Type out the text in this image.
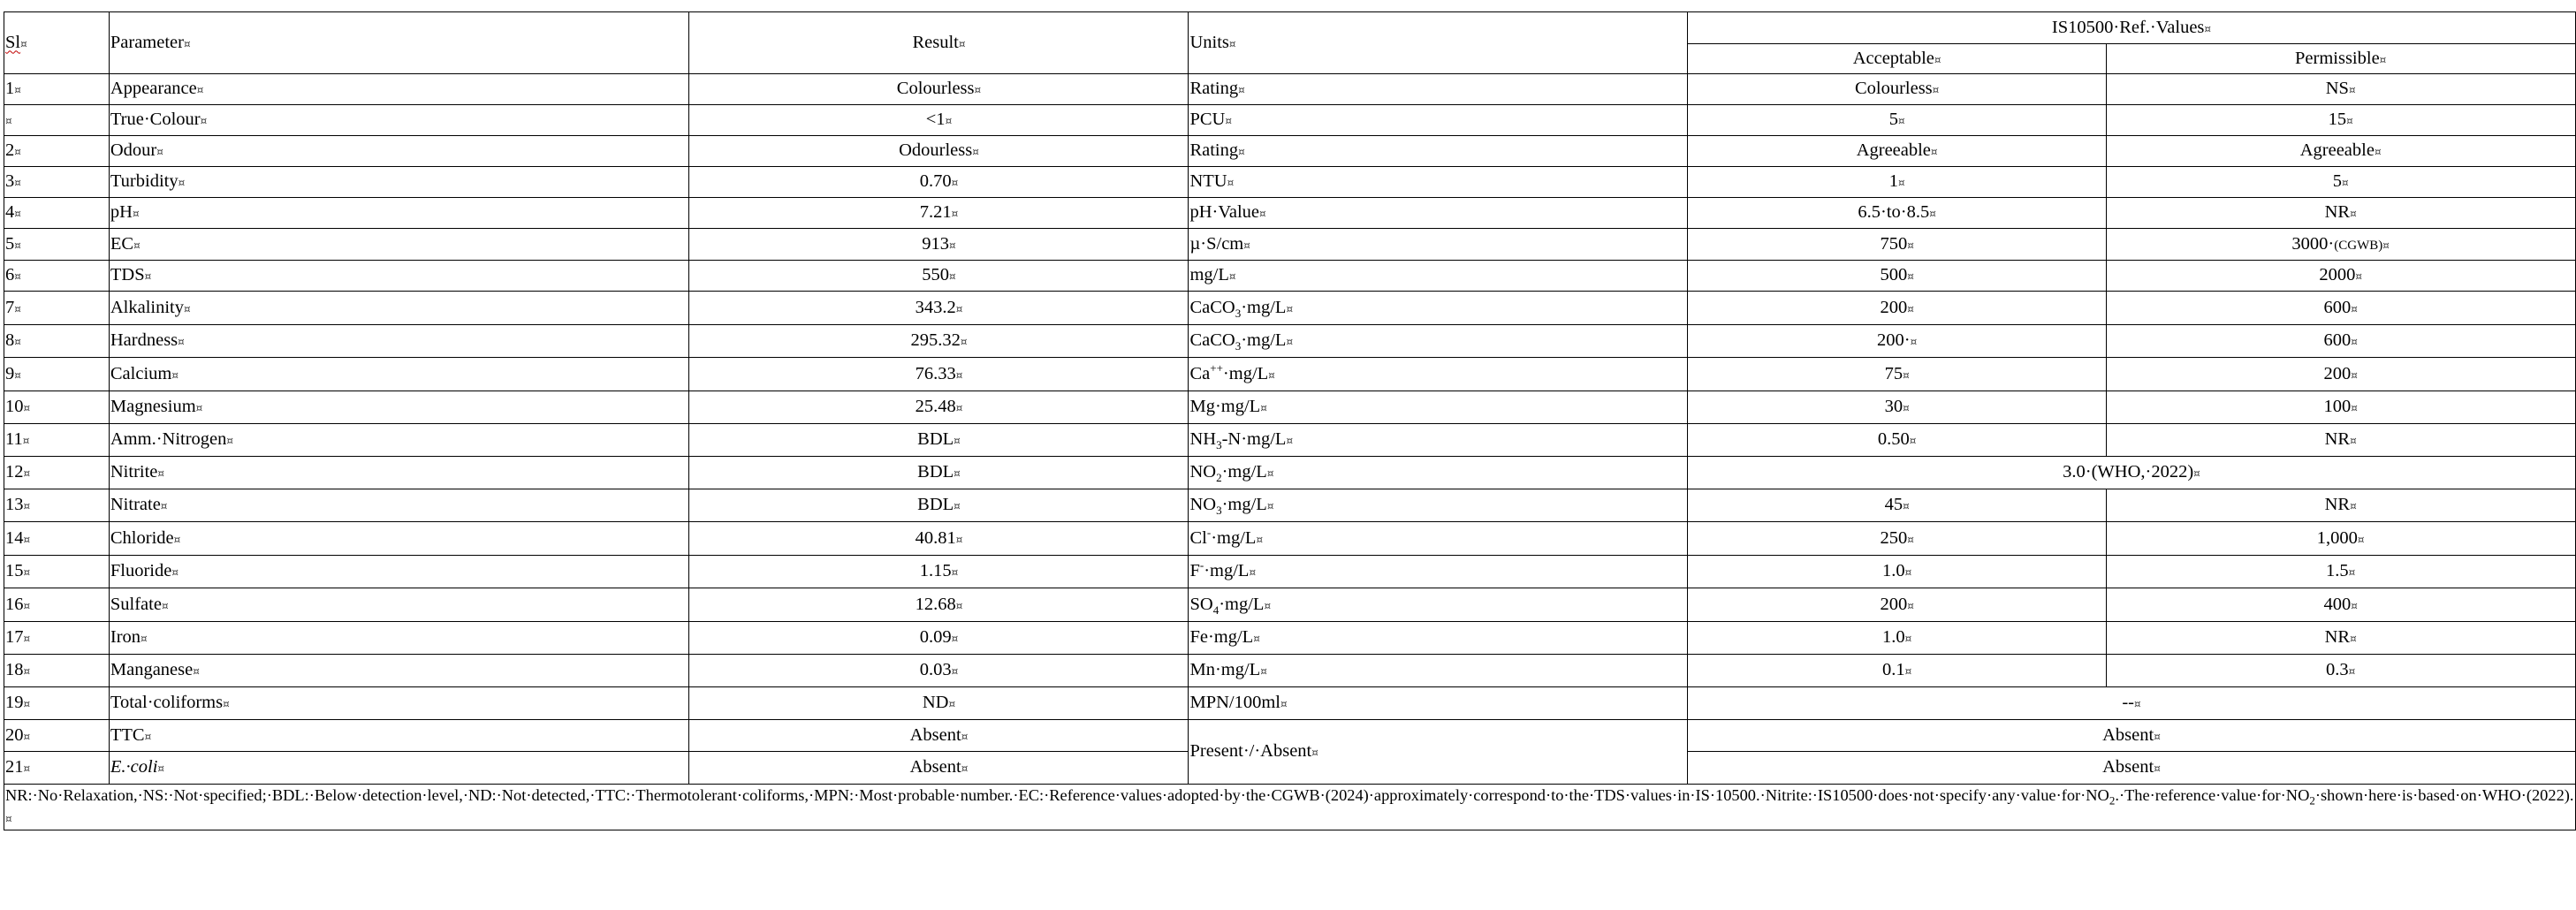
Sl¤	Parameter¤	Result¤	Units¤	IS10500·Ref.·Values¤	
				Acceptable¤	Permissible¤
1¤	Appearance¤	Colourless¤	Rating¤	Colourless¤	NS¤
¤	True·Colour¤	<1¤	PCU¤	5¤	15¤
2¤	Odour¤	Odourless¤	Rating¤	Agreeable¤	Agreeable¤
3¤	Turbidity¤	0.70¤	NTU¤	1¤	5¤
4¤	pH¤	7.21¤	pH·Value¤	6.5·to·8.5¤	NR¤
5¤	EC¤	913¤	µ·S/cm¤	750¤	3000·(CGWB)¤
6¤	TDS¤	550¤	mg/L¤	500¤	2000¤
7¤	Alkalinity¤	343.2¤	CaCO$_3$·mg/L¤	200¤	600¤
8¤	Hardness¤	295.32¤	CaCO$_3$·mg/L¤	200·¤	600¤
9¤	Calcium¤	76.33¤	Ca++·mg/L¤	75¤	200¤
10¤	Magnesium¤	25.48¤	Mg·mg/L¤	30¤	100¤
11¤	Amm.·Nitrogen¤	BDL¤	$NH_3-N\cdot mg/L¤$	0.50¤	NR¤
12¤	Nitrite¤	BDL¤	$NO_2\cdot mg/L¤$	3.0·(WHO,·2022)¤	
13¤	Nitrate¤	BDL¤	$NO_3\cdot mg/L¤$	45¤	NR¤
14¤	Chloride¤	40.81¤	Cl-·mg/L¤	250¤	1,000¤
15¤	Fluoride¤	1.15¤	F-·mg/L¤	1.0¤	1.5¤
16¤	Sulfate¤	12.68¤	$SO_4\cdot mg/L¤$	200¤	400¤
17¤	Iron¤	0.09¤	Fe·mg/L¤	1.0¤	NR¤
18¤	Manganese¤	0.03¤	Mn·mg/L¤	0.1¤	0.3¤
19¤	Total·coliforms¤	ND¤	MPN/100ml¤	--¤	
20¤	TTC¤	Absent¤	Present·/·Absent¤	Absent¤	
21¤	E.·coli¤	Absent¤		Absent¤	
NR:·No·Relaxation,·NS:·Not·specified;·BDL:·Below·detection·level,·ND:·Not·detected,·TTC:·Thermotolerant·coliforms,·MPN:·Most·probable·number.·EC:·Reference·values·adopted·by·the·CGWB·(2024)·approximately·correspond·to·the·TDS·values·in·IS·1$0500.\cdot Nitrite:\cdot IS10500\cdot does\cdot not\cdot specify\cdot any\cdot value\cdot for\cdot NO_2.\cdot The\cdot reference\cdot value\cdot for\cdot NO_2\cdot shown\cdot here\cdot is\cdot based\cdot on\cdot WHO\cdot(2022)$.¤					
